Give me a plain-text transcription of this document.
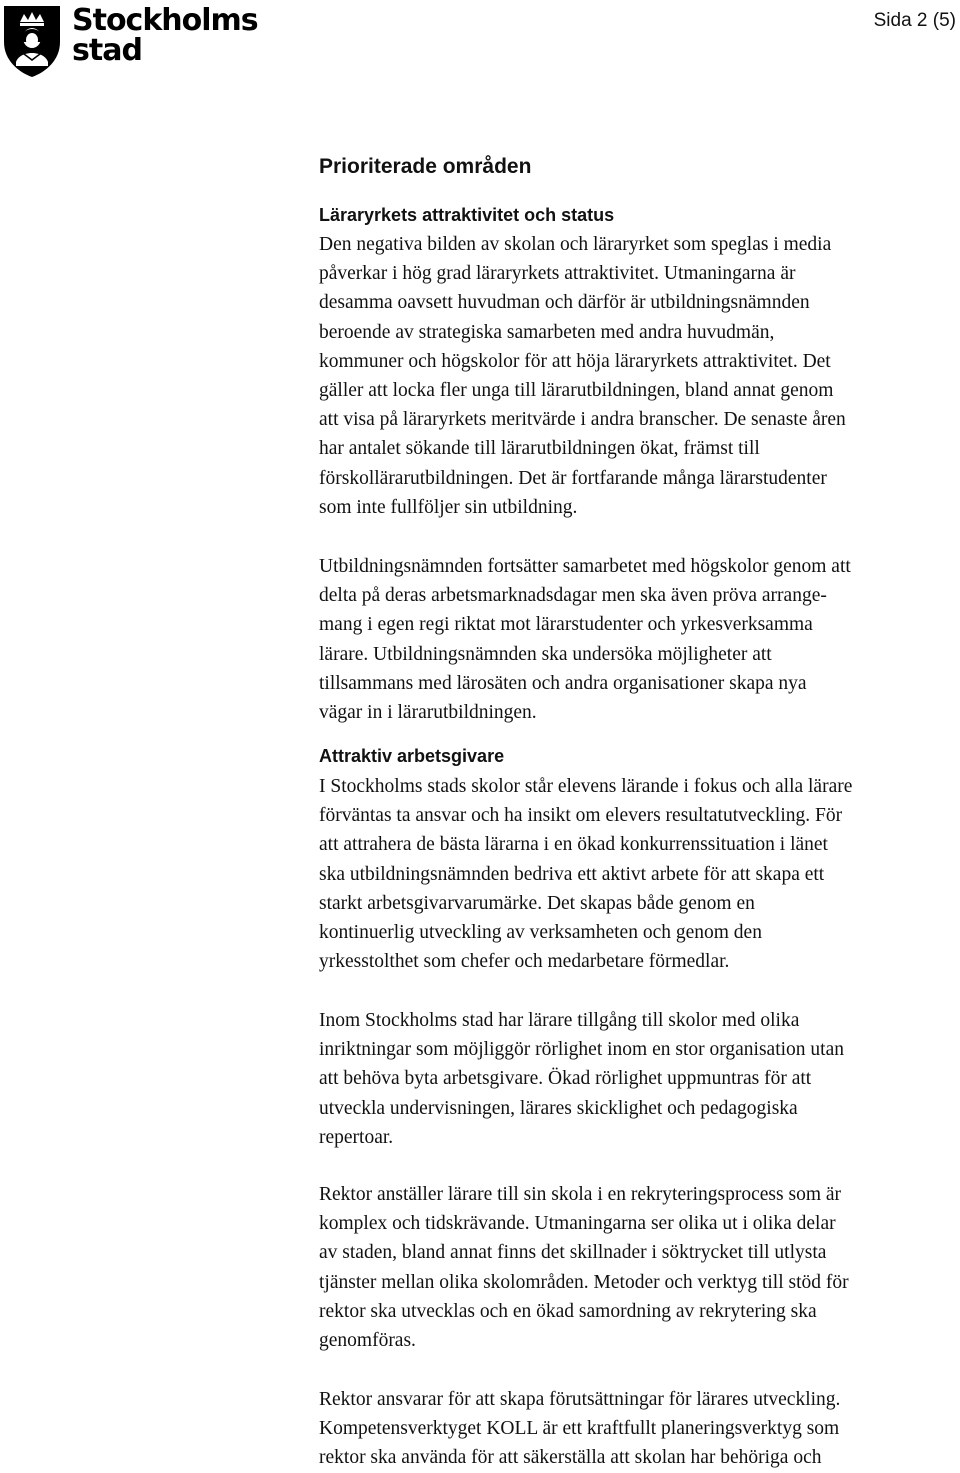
Stockholms
stad
Sida 2 (5)
Prioriterade områden
Läraryrkets attraktivitet och status
Den negativa bilden av skolan och läraryrket som speglas i media
påverkar i hög grad läraryrkets attraktivitet. Utmaningarna är
desamma oavsett huvudman och därför är utbildningsnämnden
beroende av strategiska samarbeten med andra huvudmän,
kommuner och högskolor för att höja läraryrkets attraktivitet. Det
gäller att locka fler unga till lärarutbildningen, bland annat genom
att visa på läraryrkets meritvärde i andra branscher. De senaste åren
har antalet sökande till lärarutbildningen ökat, främst till
förskollärarutbildningen. Det är fortfarande många lärarstudenter
som inte fullföljer sin utbildning.
Utbildningsnämnden fortsätter samarbetet med högskolor genom att
delta på deras arbetsmarknadsdagar men ska även pröva arrange-
mang i egen regi riktat mot lärarstudenter och yrkesverksamma
lärare. Utbildningsnämnden ska undersöka möjligheter att
tillsammans med lärosäten och andra organisationer skapa nya
vägar in i lärarutbildningen.
Attraktiv arbetsgivare
I Stockholms stads skolor står elevens lärande i fokus och alla lärare
förväntas ta ansvar och ha insikt om elevers resultatutveckling. För
att attrahera de bästa lärarna i en ökad konkurrenssituation i länet
ska utbildningsnämnden bedriva ett aktivt arbete för att skapa ett
starkt arbetsgivarvarumärke. Det skapas både genom en
kontinuerlig utveckling av verksamheten och genom den
yrkesstolthet som chefer och medarbetare förmedlar.
Inom Stockholms stad har lärare tillgång till skolor med olika
inriktningar som möjliggör rörlighet inom en stor organisation utan
att behöva byta arbetsgivare. Ökad rörlighet uppmuntras för att
utveckla undervisningen, lärares skicklighet och pedagogiska
repertoar.
Rektor anställer lärare till sin skola i en rekryteringsprocess som är
komplex och tidskrävande. Utmaningarna ser olika ut i olika delar
av staden, bland annat finns det skillnader i söktrycket till utlysta
tjänster mellan olika skolområden. Metoder och verktyg till stöd för
rektor ska utvecklas och en ökad samordning av rekrytering ska
genomföras.
Rektor ansvarar för att skapa förutsättningar för lärares utveckling.
Kompetensverktyget KOLL är ett kraftfullt planeringsverktyg som
rektor ska använda för att säkerställa att skolan har behöriga och
